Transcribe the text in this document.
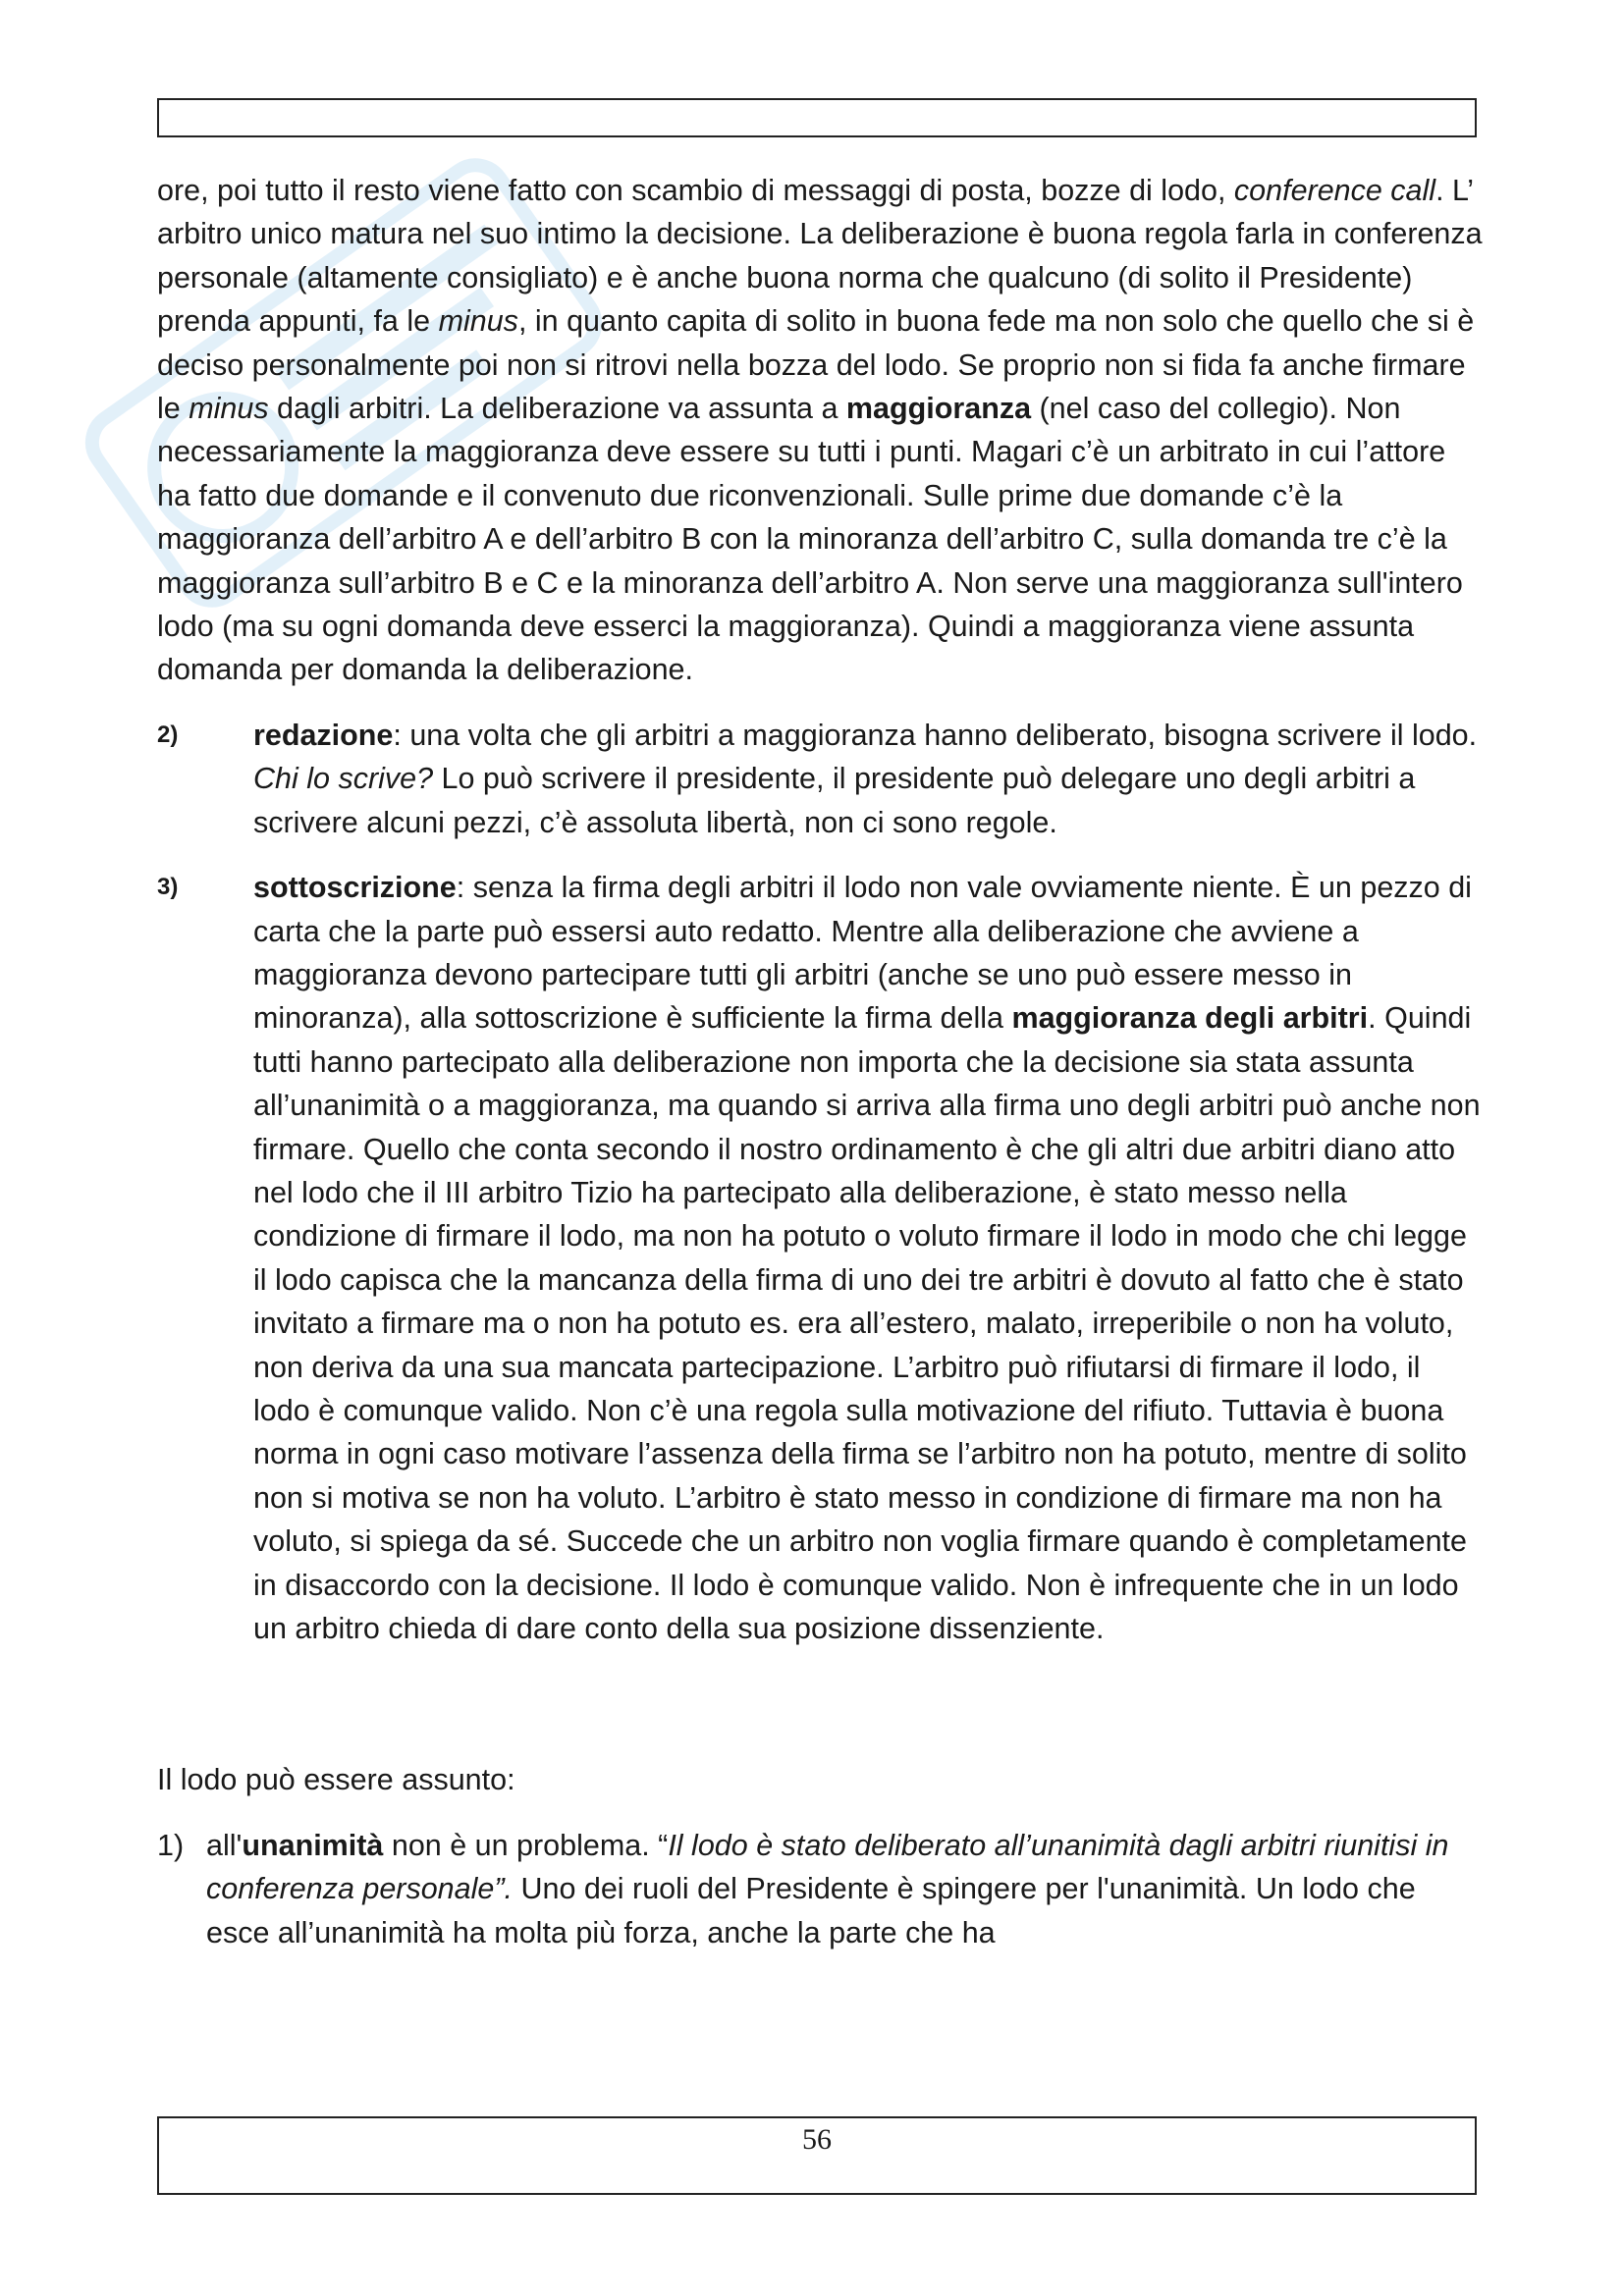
ore, poi tutto il resto viene fatto con scambio di messaggi di posta, bozze di lodo, conference call. L’ arbitro unico matura nel suo intimo la decisione. La deliberazione è buona regola farla in conferenza personale (altamente consigliato) e è anche buona norma che qualcuno (di solito il Presidente) prenda appunti, fa le minus, in quanto capita di solito in buona fede ma non solo che quello che si è deciso personalmente poi non si ritrovi nella bozza del lodo. Se proprio non si fida fa anche firmare le minus dagli arbitri. La deliberazione va assunta a maggioranza (nel caso del collegio). Non necessariamente la maggioranza deve essere su tutti i punti. Magari c’è un arbitrato in cui l’attore ha fatto due domande e il convenuto due riconvenzionali. Sulle prime due domande c’è la maggioranza dell’arbitro A e dell’arbitro B con la minoranza dell’arbitro C, sulla domanda tre c’è la maggioranza sull’arbitro B e C e la minoranza dell’arbitro A. Non serve una maggioranza sull'intero lodo (ma su ogni domanda deve esserci la maggioranza). Quindi a maggioranza viene assunta domanda per domanda la deliberazione.

2)	redazione: una volta che gli arbitri a maggioranza hanno deliberato, bisogna scrivere il lodo. Chi lo scrive? Lo può scrivere il presidente, il presidente può delegare uno degli arbitri a scrivere alcuni pezzi, c’è assoluta libertà, non ci sono regole.

3)	sottoscrizione: senza la firma degli arbitri il lodo non vale ovviamente niente. È un pezzo di carta che la parte può essersi auto redatto. Mentre alla deliberazione che avviene a maggioranza devono partecipare tutti gli arbitri (anche se uno può essere messo in minoranza), alla sottoscrizione è sufficiente la firma della maggioranza degli arbitri. Quindi tutti hanno partecipato alla deliberazione non importa che la decisione sia stata assunta all’unanimità o a maggioranza, ma quando si arriva alla firma uno degli arbitri può anche non firmare. Quello che conta secondo il nostro ordinamento è che gli altri due arbitri diano atto nel lodo che il III arbitro Tizio ha partecipato alla deliberazione, è stato messo nella condizione di firmare il lodo, ma non ha potuto o voluto firmare il lodo in modo che chi legge il lodo capisca che la mancanza della firma di uno dei tre arbitri è dovuto al fatto che è stato invitato a firmare ma o non ha potuto es. era all’estero, malato, irreperibile o non ha voluto, non deriva da una sua mancata partecipazione. L’arbitro può rifiutarsi di firmare il lodo, il lodo è comunque valido. Non c’è una regola sulla motivazione del rifiuto. Tuttavia è buona norma in ogni caso motivare l’assenza della firma se l’arbitro non ha potuto, mentre di solito non si motiva se non ha voluto. L’arbitro è stato messo in condizione di firmare ma non ha voluto, si spiega da sé. Succede che un arbitro non voglia firmare quando è completamente in disaccordo con la decisione. Il lodo è comunque valido. Non è infrequente che in un lodo un arbitro chieda di dare conto della sua posizione dissenziente.

Il lodo può essere assunto:

1) all'unanimità non è un problema. “Il lodo è stato deliberato all’unanimità dagli arbitri riunitisi in conferenza personale”. Uno dei ruoli del Presidente è spingere per l'unanimità. Un lodo che esce all’unanimità ha molta più forza, anche la parte che ha

56
